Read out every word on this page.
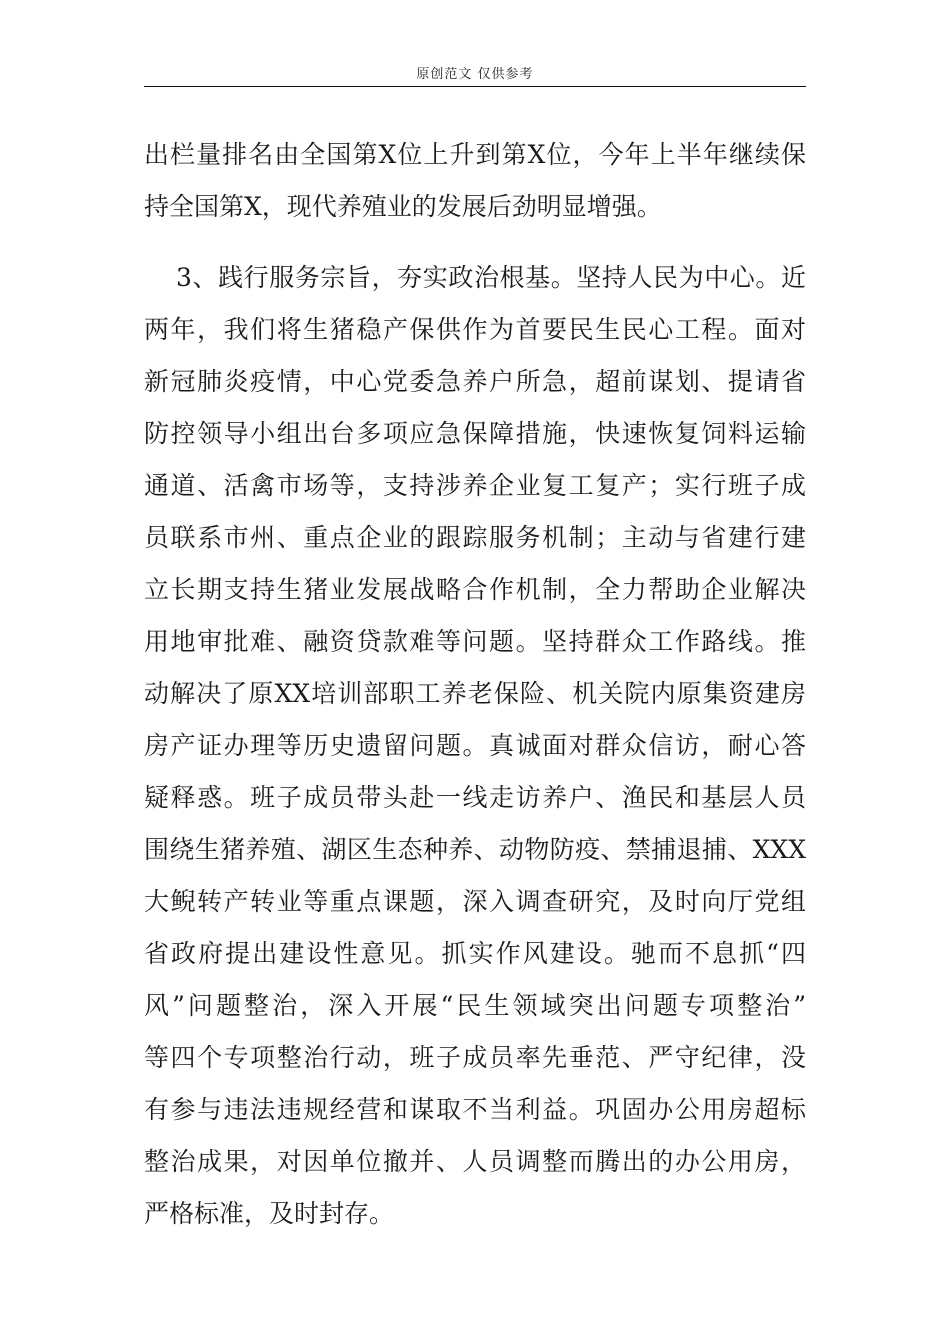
原创范文 仅供参考
出栏量排名由全国第X位上升到第X位，今年上半年继续保
持全国第X，现代养殖业的发展后劲明显增强。
3、践行服务宗旨，夯实政治根基。坚持人民为中心。近
两年，我们将生猪稳产保供作为首要民生民心工程。面对
新冠肺炎疫情，中心党委急养户所急，超前谋划、提请省
防控领导小组出台多项应急保障措施，快速恢复饲料运输
通道、活禽市场等，支持涉养企业复工复产；实行班子成
员联系市州、重点企业的跟踪服务机制；主动与省建行建
立长期支持生猪业发展战略合作机制，全力帮助企业解决
用地审批难、融资贷款难等问题。坚持群众工作路线。推
动解决了原XX培训部职工养老保险、机关院内原集资建房
房产证办理等历史遗留问题。真诚面对群众信访，耐心答
疑释惑。班子成员带头赴一线走访养户、渔民和基层人员
围绕生猪养殖、湖区生态种养、动物防疫、禁捕退捕、XXX
大鲵转产转业等重点课题，深入调查研究，及时向厅党组
省政府提出建设性意见。抓实作风建设。驰而不息抓“四
风”问题整治，深入开展“民生领域突出问题专项整治”
等四个专项整治行动，班子成员率先垂范、严守纪律，没
有参与违法违规经营和谋取不当利益。巩固办公用房超标
整治成果，对因单位撤并、人员调整而腾出的办公用房，
严格标准，及时封存。
